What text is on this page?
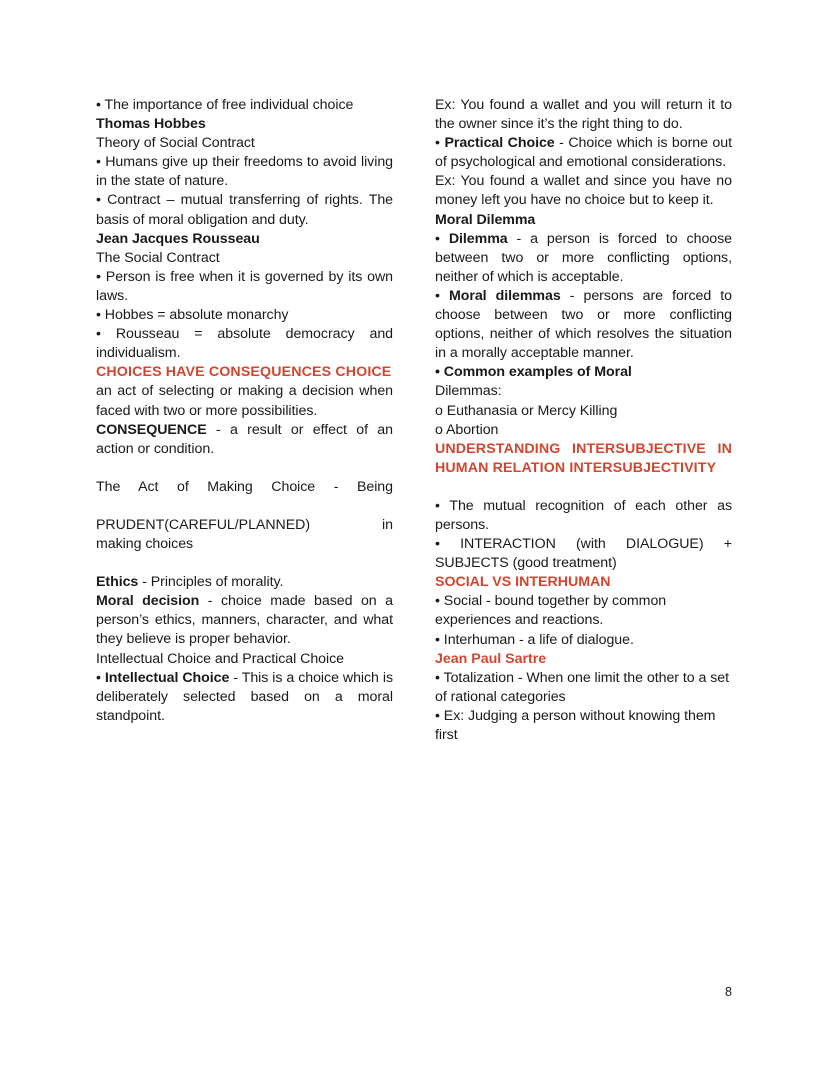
• The importance of free individual choice

Thomas Hobbes

Theory of Social Contract

• Humans give up their freedoms to avoid living in the state of nature.

• Contract – mutual transferring of rights. The basis of moral obligation and duty.

Jean Jacques Rousseau

The Social Contract

• Person is free when it is governed by its own laws.

• Hobbes = absolute monarchy

• Rousseau = absolute democracy and individualism.

CHOICES HAVE CONSEQUENCES CHOICE

an act of selecting or making a decision when faced with two or more possibilities.

CONSEQUENCE - a result or effect of an action or condition.

The Act of Making Choice - Being

PRUDENT(CAREFUL/PLANNED)	in

making choices

Ethics - Principles of morality.

Moral decision - choice made based on a person’s ethics, manners, character, and what they believe is proper behavior.

Intellectual Choice and Practical Choice

• Intellectual Choice - This is a choice which is deliberately selected based on a moral standpoint.

Ex: You found a wallet and you will return it to the owner since it’s the right thing to do.

• Practical Choice - Choice which is borne out of psychological and emotional considerations.

Ex: You found a wallet and since you have no money left you have no choice but to keep it.

Moral Dilemma

• Dilemma - a person is forced to choose between two or more conflicting options, neither of which is acceptable.

• Moral dilemmas - persons are forced to choose between two or more conflicting options, neither of which resolves the situation in a morally acceptable manner.

• Common examples of Moral

Dilemmas:

o Euthanasia or Mercy Killing

o Abortion

UNDERSTANDING INTERSUBJECTIVE IN HUMAN RELATION INTERSUBJECTIVITY

• The mutual recognition of each other as persons.

• INTERACTION (with DIALOGUE) + SUBJECTS (good treatment)

SOCIAL VS INTERHUMAN

• Social - bound together by common experiences and reactions.

• Interhuman - a life of dialogue.

Jean Paul Sartre

• Totalization - When one limit the other to a set of rational categories

• Ex: Judging a person without knowing them first

8
